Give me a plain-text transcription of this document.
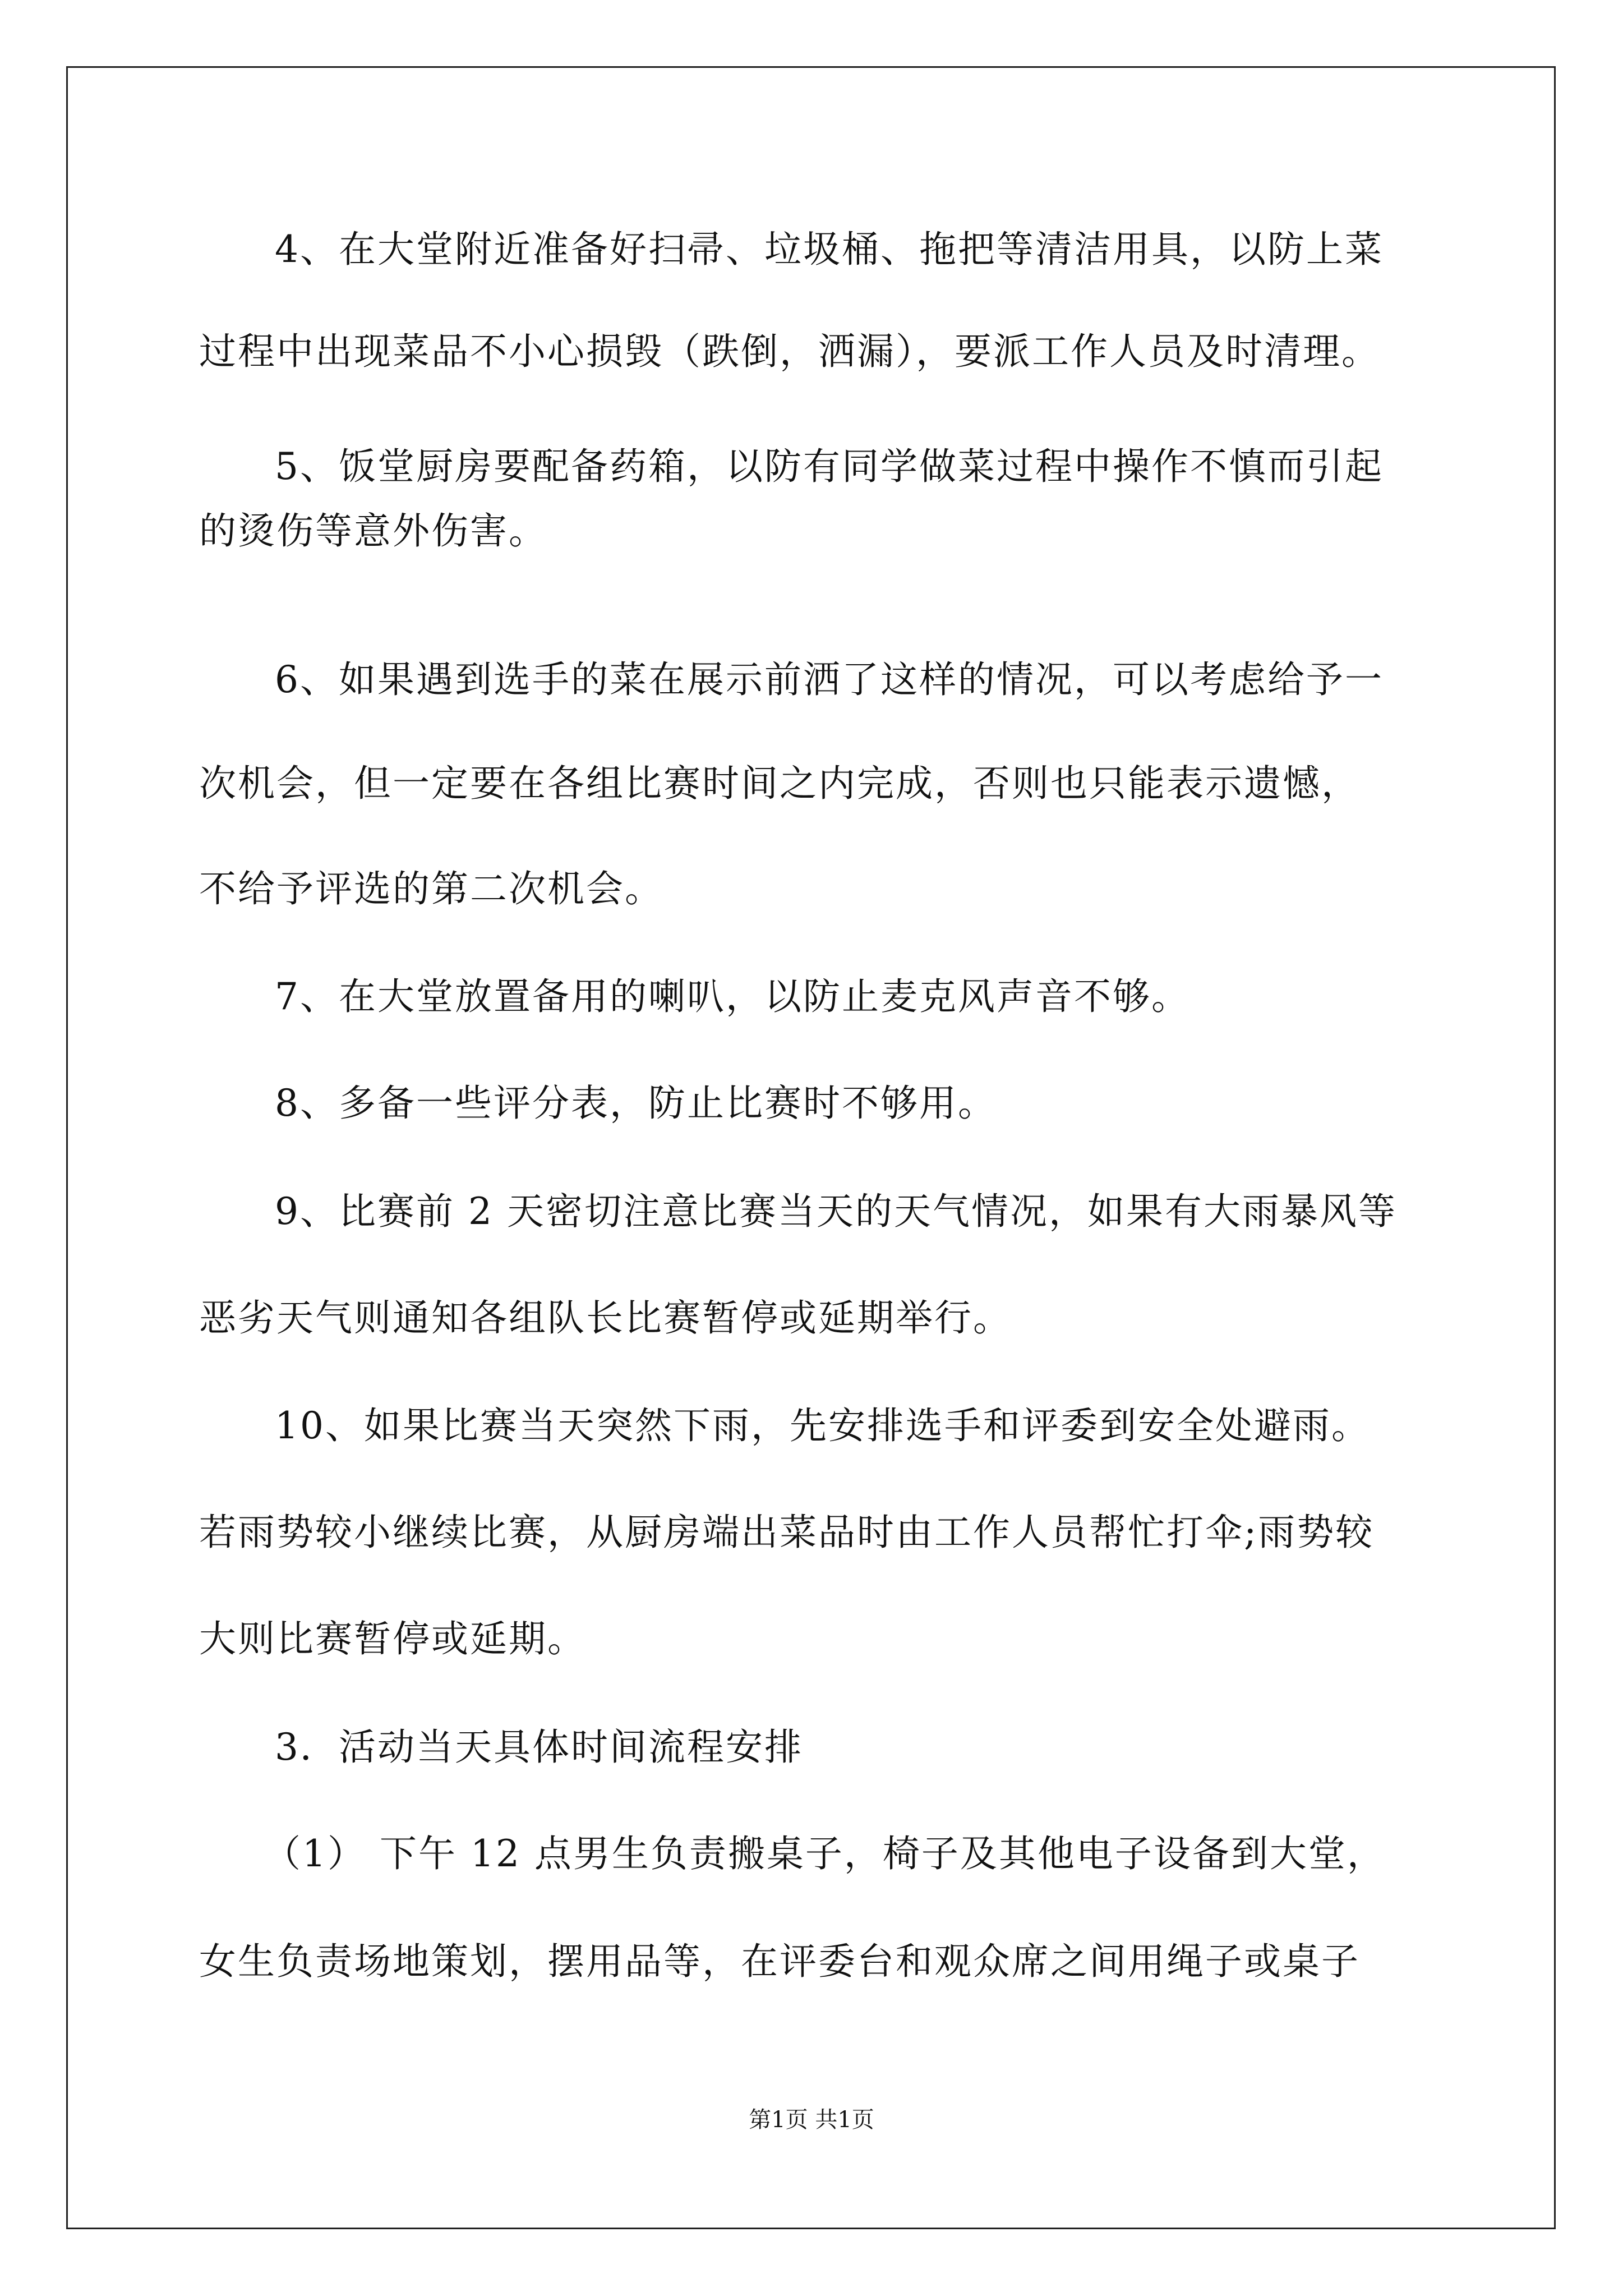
4、在大堂附近准备好扫帚、垃圾桶、拖把等清洁用具，以防上菜
过程中出现菜品不小心损毁（跌倒，洒漏），要派工作人员及时清理。
5、饭堂厨房要配备药箱，以防有同学做菜过程中操作不慎而引起
的烫伤等意外伤害。
6、如果遇到选手的菜在展示前洒了这样的情况，可以考虑给予一
次机会，但一定要在各组比赛时间之内完成，否则也只能表示遗憾，
不给予评选的第二次机会。
7、在大堂放置备用的喇叭，以防止麦克风声音不够。
8、多备一些评分表，防止比赛时不够用。
9、比赛前 2 天密切注意比赛当天的天气情况，如果有大雨暴风等
恶劣天气则通知各组队长比赛暂停或延期举行。
10、如果比赛当天突然下雨，先安排选手和评委到安全处避雨。
若雨势较小继续比赛，从厨房端出菜品时由工作人员帮忙打伞;雨势较
大则比赛暂停或延期。
3．活动当天具体时间流程安排
（1） 下午 12 点男生负责搬桌子，椅子及其他电子设备到大堂，
女生负责场地策划，摆用品等，在评委台和观众席之间用绳子或桌子
第1页 共1页
